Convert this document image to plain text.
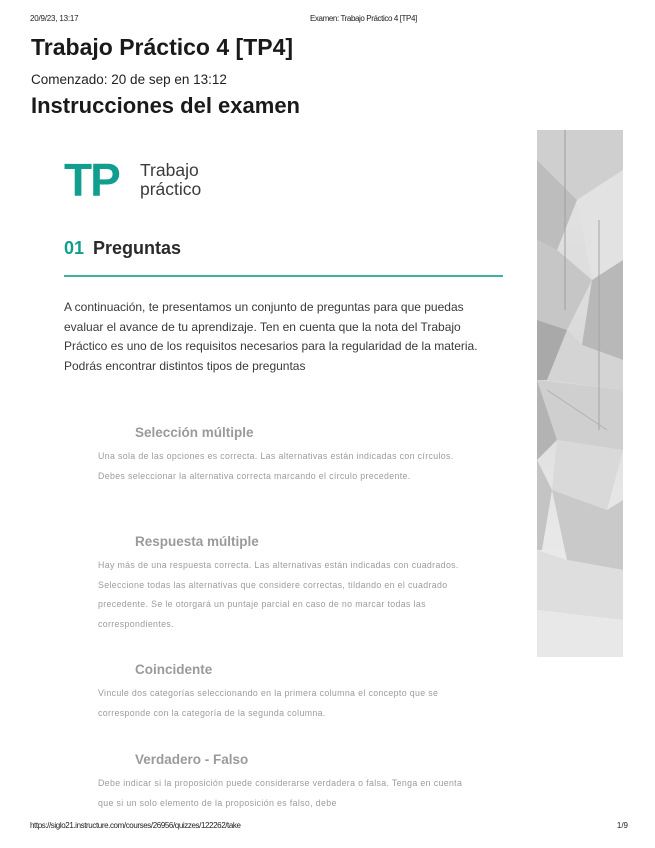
20/9/23, 13:17	Examen: Trabajo Práctico 4 [TP4]
Trabajo Práctico 4 [TP4]
Comenzado: 20 de sep en 13:12
Instrucciones del examen
TP Trabajo práctico
01 Preguntas

A continuación, te presentamos un conjunto de preguntas para que puedas evaluar el avance de tu aprendizaje. Ten en cuenta que la nota del Trabajo Práctico es uno de los requisitos necesarios para la regularidad de la materia. Podrás encontrar distintos tipos de preguntas

Selección múltiple

Una sola de las opciones es correcta. Las alternativas están indicadas con círculos. Debes seleccionar la alternativa correcta marcando el círculo precedente.

Respuesta múltiple

Hay más de una respuesta correcta. Las alternativas están indicadas con cuadrados. Seleccione todas las alternativas que considere correctas, tildando en el cuadrado precedente. Se le otorgará un puntaje parcial en caso de no marcar todas las correspondientes.

Coincidente

Vincule dos categorías seleccionando en la primera columna el concepto que se corresponde con la categoría de la segunda columna.

Verdadero - Falso

Debe indicar si la proposición puede considerarse verdadera o falsa. Tenga en cuenta que si un solo elemento de la proposición es falso, debe

https://siglo21.instructure.com/courses/26956/quizzes/122262/take	1/9
